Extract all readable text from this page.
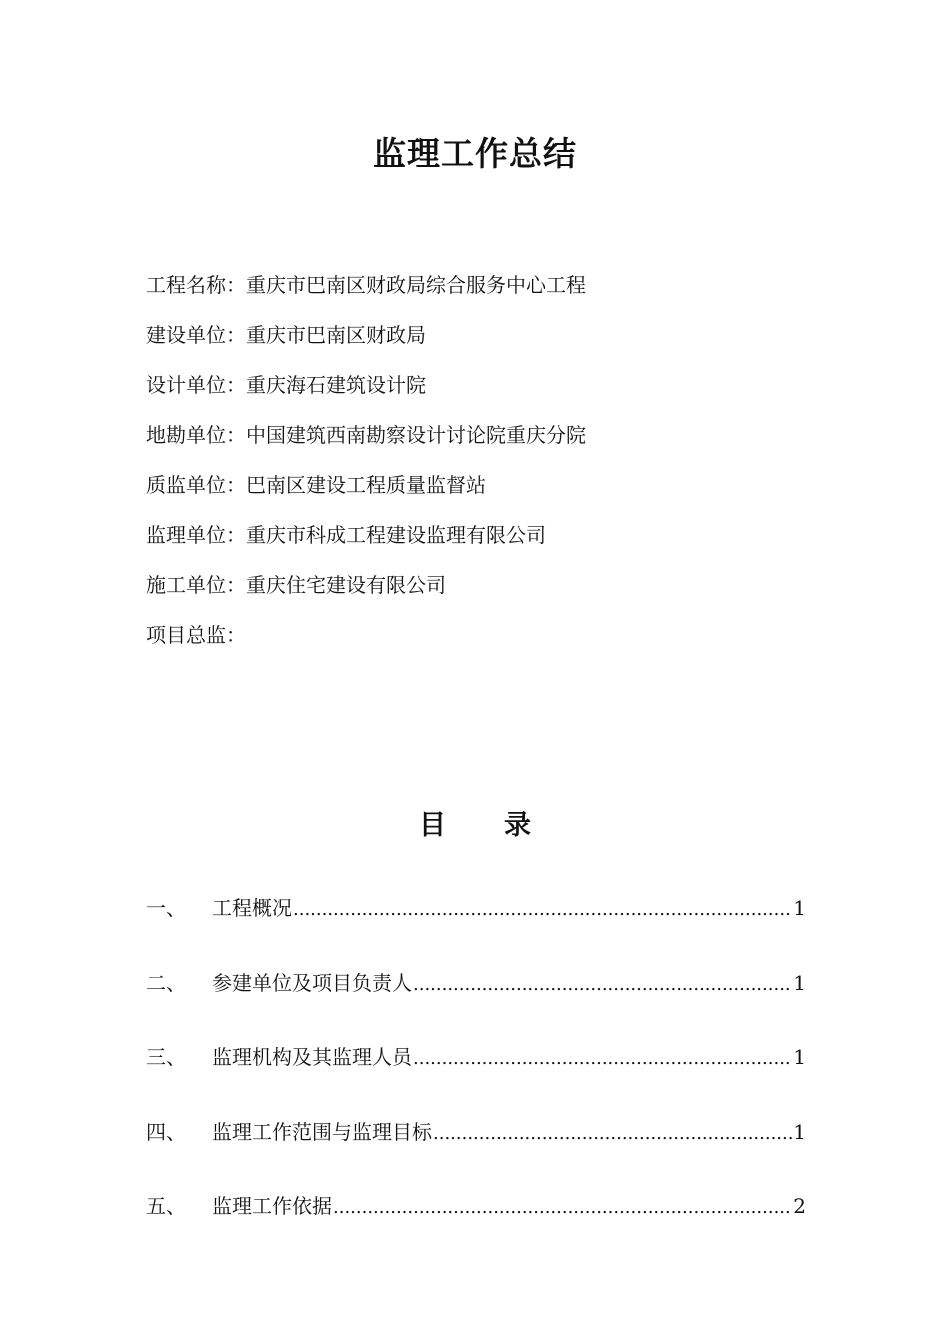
监理工作总结
工程名称：重庆市巴南区财政局综合服务中心工程
建设单位：重庆市巴南区财政局
设计单位：重庆海石建筑设计院
地勘单位：中国建筑西南勘察设计讨论院重庆分院
质监单位：巴南区建设工程质量监督站
监理单位：重庆市科成工程建设监理有限公司
施工单位：重庆住宅建设有限公司
项目总监：
目 录
一、	工程概况 .....	1
二、	参建单位及项目负责人 .....	1
三、	监理机构及其监理人员 .....	1
四、	监理工作范围与监理目标 .....	1
五、	监理工作依据 .....	2
